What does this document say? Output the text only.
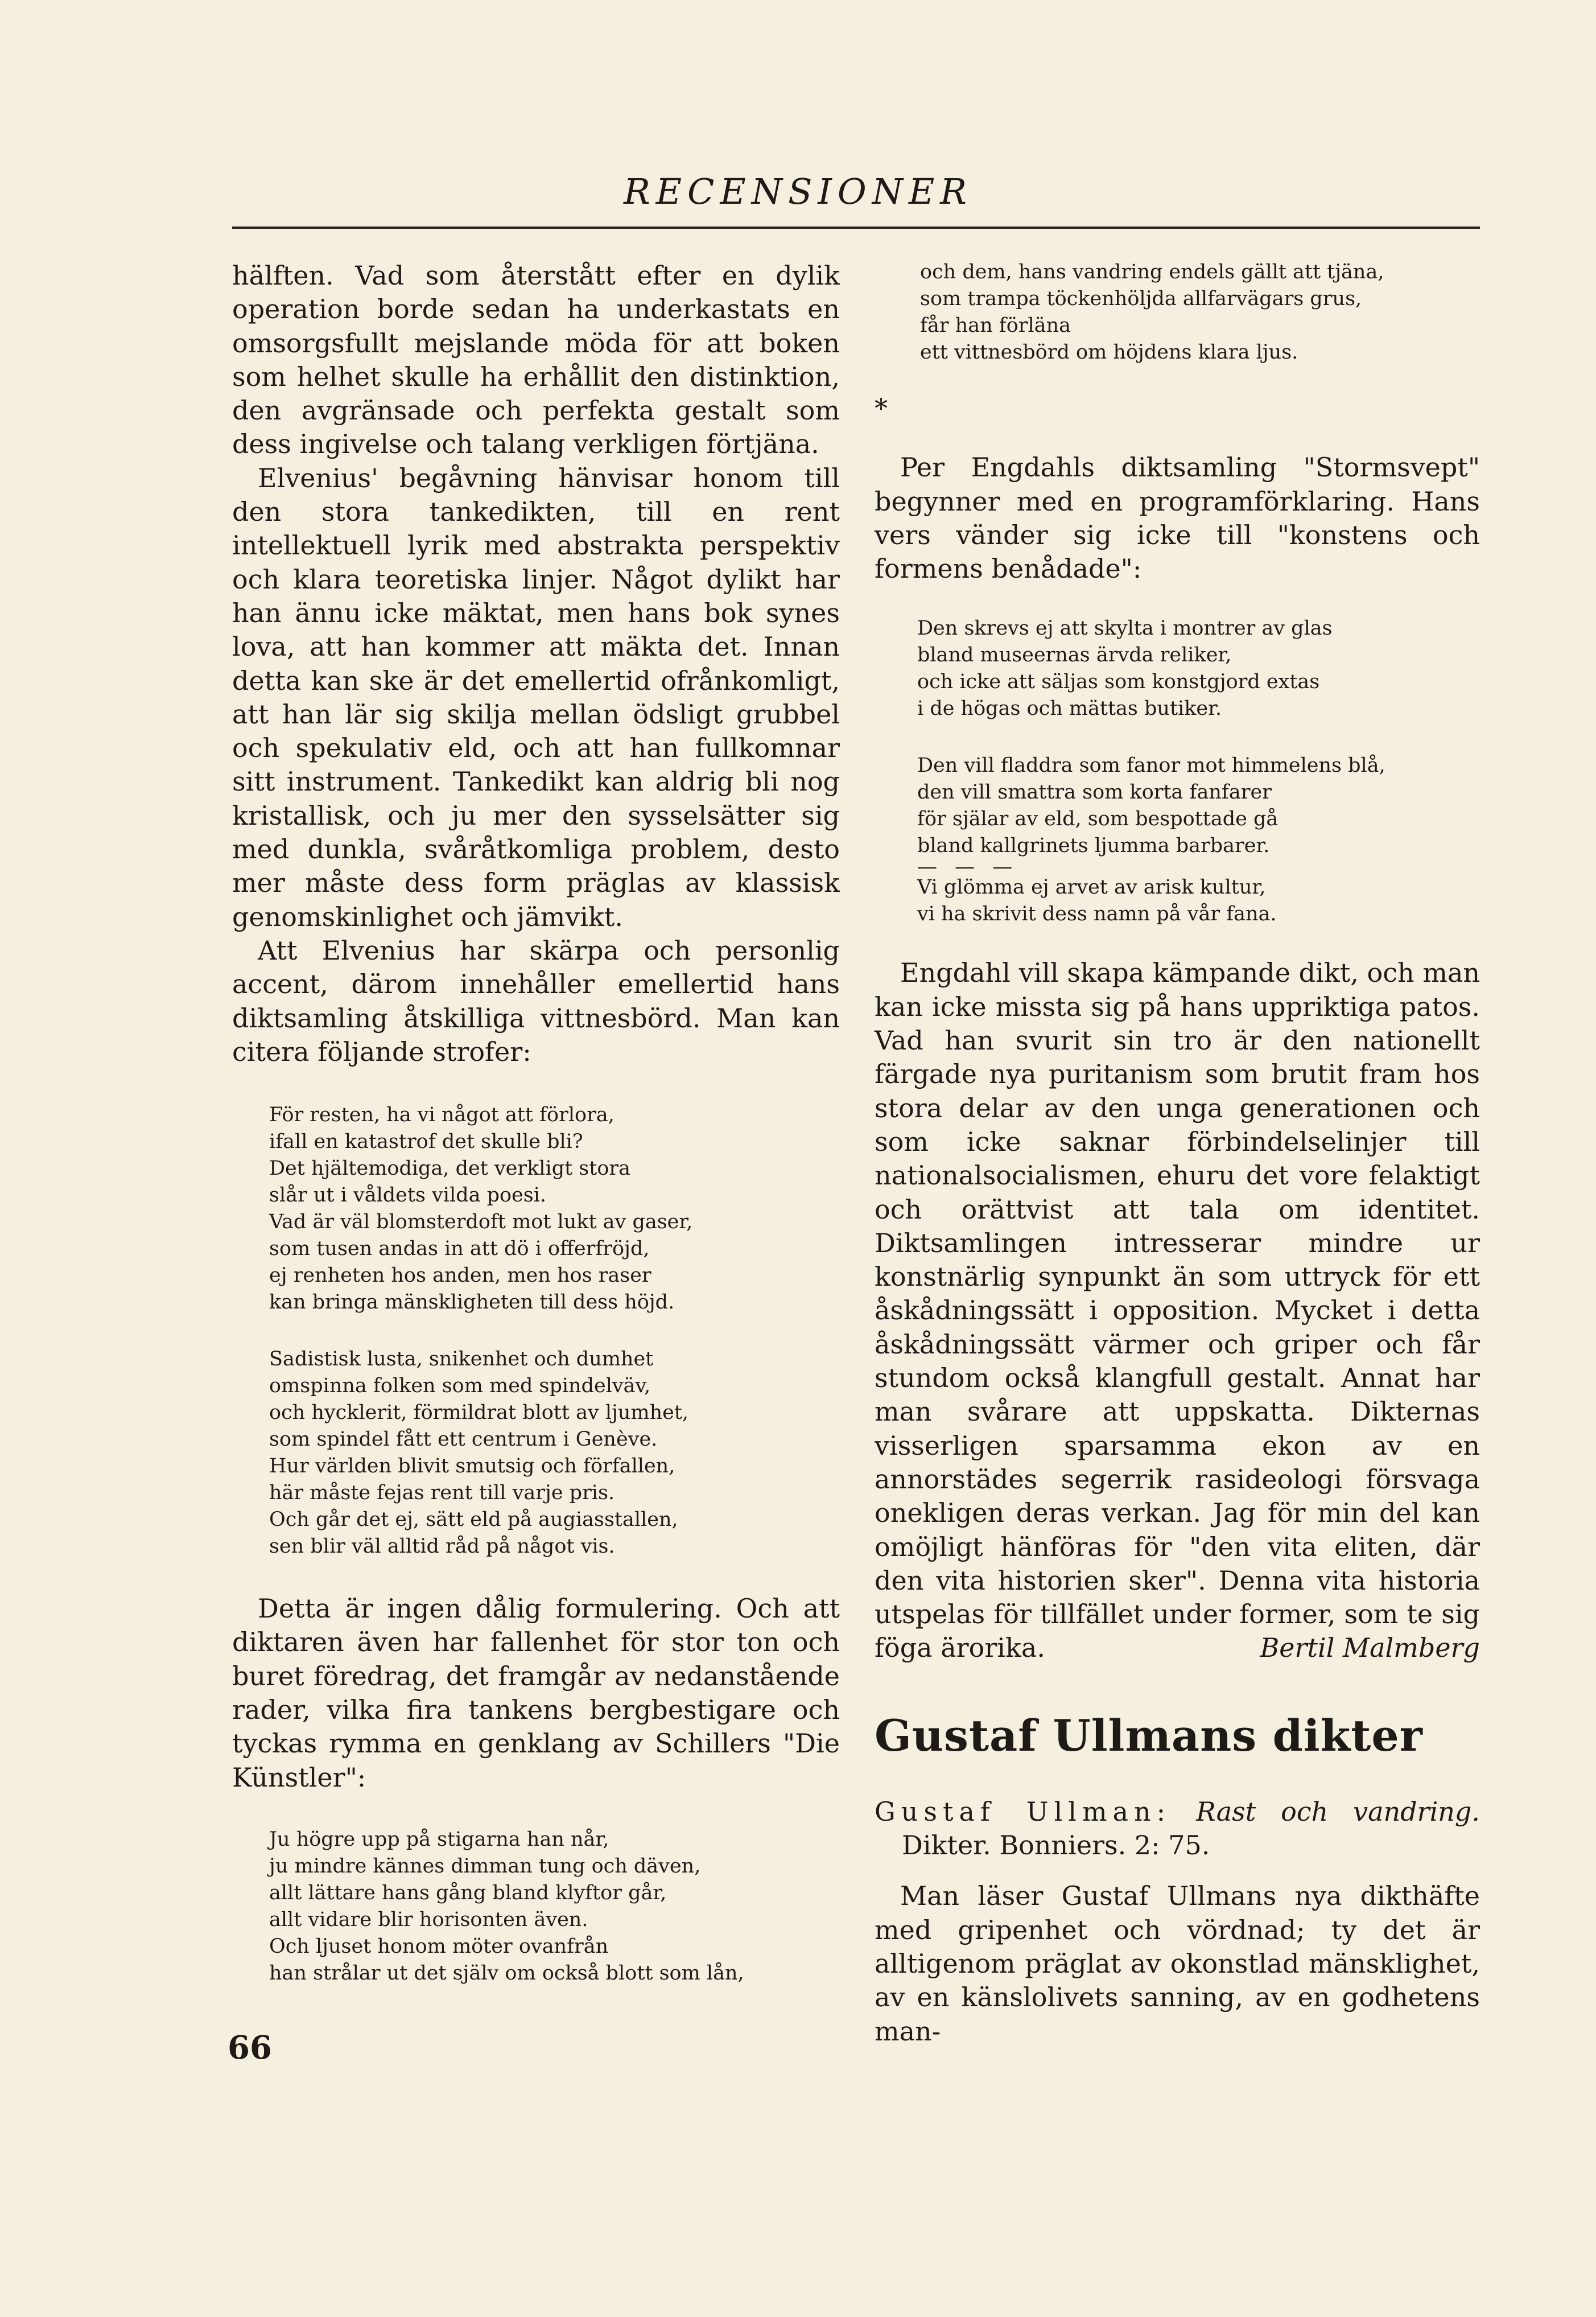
RECENSIONER

hälften. Vad som återstått efter en dylik operation borde sedan ha underkastats en omsorgsfullt mejslande möda för att boken som helhet skulle ha erhållit den distinktion, den avgränsade och perfekta gestalt som dess ingivelse och talang verkligen förtjäna.

Elvenius' begåvning hänvisar honom till den stora tankedikten, till en rent intellektuell lyrik med abstrakta perspektiv och klara teoretiska linjer. Något dylikt har han ännu icke mäktat, men hans bok synes lova, att han kommer att mäkta det. Innan detta kan ske är det emellertid ofrånkomligt, att han lär sig skilja mellan ödsligt grubbel och spekulativ eld, och att han fullkomnar sitt instrument. Tankedikt kan aldrig bli nog kristallisk, och ju mer den sysselsätter sig med dunkla, svåråtkomliga problem, desto mer måste dess form präglas av klassisk genomskinlighet och jämvikt.

Att Elvenius har skärpa och personlig accent, därom innehåller emellertid hans diktsamling åtskilliga vittnesbörd. Man kan citera följande strofer:

För resten, ha vi något att förlora,
ifall en katastrof det skulle bli?
Det hjältemodiga, det verkligt stora
slår ut i våldets vilda poesi.
Vad är väl blomsterdoft mot lukt av gaser,
som tusen andas in att dö i offerfröjd,
ej renheten hos anden, men hos raser
kan bringa mänskligheten till dess höjd.
Sadistisk lusta, snikenhet och dumhet
omspinna folken som med spindelväv,
och hycklerit, förmildrat blott av ljumhet,
som spindel fått ett centrum i Genève.
Hur världen blivit smutsig och förfallen,
här måste fejas rent till varje pris.
Och går det ej, sätt eld på augiasstallen,
sen blir väl alltid råd på något vis.

Detta är ingen dålig formulering. Och att diktaren även har fallenhet för stor ton och buret föredrag, det framgår av nedanstående rader, vilka fira tankens bergbestigare och tyckas rymma en genklang av Schillers "Die Künstler":

Ju högre upp på stigarna han når,
ju mindre kännes dimman tung och däven,
allt lättare hans gång bland klyftor går,
allt vidare blir horisonten även.
Och ljuset honom möter ovanfrån
han strålar ut det själv om också blott som lån,
och dem, hans vandring endels gällt att tjäna,
som trampa töckenhöljda allfarvägars grus,
får han förläna
ett vittnesbörd om höjdens klara ljus.

*

Per Engdahls diktsamling "Stormsvept" begynner med en programförklaring. Hans vers vänder sig icke till "konstens och formens benådade":

Den skrevs ej att skylta i montrer av glas
bland museernas ärvda reliker,
och icke att säljas som konstgjord extas
i de högas och mättas butiker.
Den vill fladdra som fanor mot himmelens blå,
den vill smattra som korta fanfarer
för själar av eld, som bespottade gå
bland kallgrinets ljumma barbarer.
— — —
Vi glömma ej arvet av arisk kultur,
vi ha skrivit dess namn på vår fana.

Engdahl vill skapa kämpande dikt, och man kan icke missta sig på hans uppriktiga patos. Vad han svurit sin tro är den nationellt färgade nya puritanism som brutit fram hos stora delar av den unga generationen och som icke saknar förbindelselinjer till nationalsocialismen, ehuru det vore felaktigt och orättvist att tala om identitet. Diktsamlingen intresserar mindre ur konstnärlig synpunkt än som uttryck för ett åskådningssätt i opposition. Mycket i detta åskådningssätt värmer och griper och får stundom också klangfull gestalt. Annat har man svårare att uppskatta. Dikternas visserligen sparsamma ekon av en annorstädes segerrik rasideologi försvaga onekligen deras verkan. Jag för min del kan omöjligt hänföras för "den vita eliten, där den vita historien sker". Denna vita historia utspelas för tillfället under former, som te sig föga ärorika.	Bertil Malmberg

Gustaf Ullmans dikter

Gustaf Ullman: Rast och vandring. Dikter. Bonniers. 2: 75.

Man läser Gustaf Ullmans nya dikthäfte med gripenhet och vördnad; ty det är alltigenom präglat av okonstlad mänsklighet, av en känslolivets sanning, av en godhetens man-

66
